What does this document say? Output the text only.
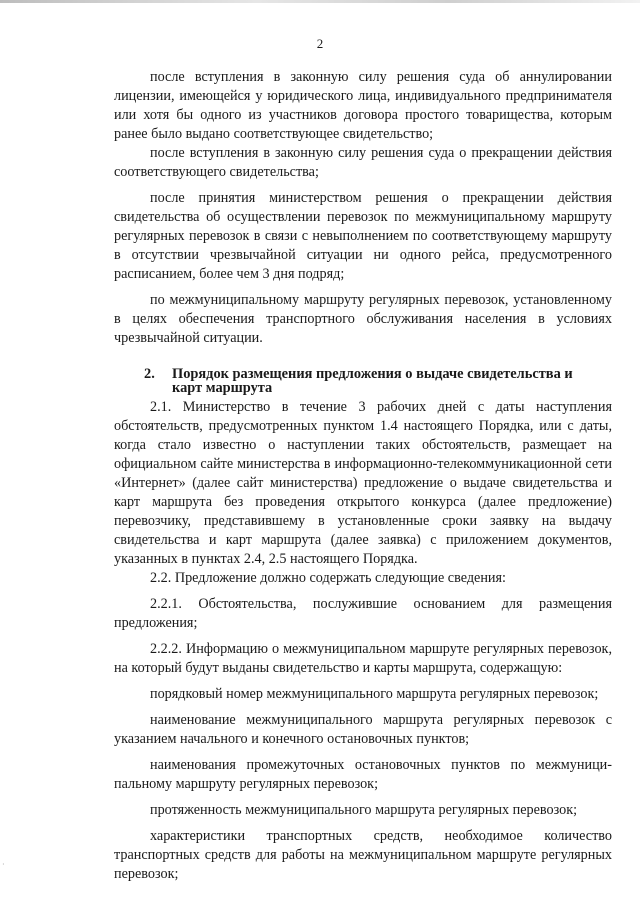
2

после вступления в законную силу решения суда об аннулировании лицензии, имеющейся у юридического лица, индивидуального предпринимателя или хотя бы одного из участников договора простого товарищества, которым ранее было выдано соответствующее свидетельство;

после вступления в законную силу решения суда о прекращении действия соответствующего свидетельства;

после принятия министерством решения о прекращении действия свидетельства об осуществлении перевозок по межмуниципальному маршруту регулярных перевозок в связи с невыполнением по соответствующему маршруту в отсутствии чрезвычайной ситуации ни одного рейса, предусмотренного расписанием, более чем 3 дня подряд;

по межмуниципальному маршруту регулярных перевозок, установленному в целях обеспечения транспортного обслуживания населения в условиях чрезвычайной ситуации.

2. Порядок размещения предложения о выдаче свидетельства и карт маршрута

2.1. Министерство в течение 3 рабочих дней с даты наступления обстоятельств, предусмотренных пунктом 1.4 настоящего Порядка, или с даты, когда стало известно о наступлении таких обстоятельств, размещает на официальном сайте министерства в информационно-телекоммуникационной сети «Интернет» (далее сайт министерства) предложение о выдаче свидетельства и карт маршрута без проведения открытого конкурса (далее предложение) перевозчику, представившему в установленные сроки заявку на выдачу свидетельства и карт маршрута (далее заявка) с приложением документов, указанных в пунктах 2.4, 2.5 настоящего Порядка.

2.2. Предложение должно содержать следующие сведения:

2.2.1. Обстоятельства, послужившие основанием для размещения предложения;

2.2.2. Информацию о межмуниципальном маршруте регулярных перевозок, на который будут выданы свидетельство и карты маршрута, содержащую:

порядковый номер межмуниципального маршрута регулярных перевозок;

наименование межмуниципального маршрута регулярных перевозок с указанием начального и конечного остановочных пунктов;

наименования промежуточных остановочных пунктов по межмуниципальному маршруту регулярных перевозок;

протяженность межмуниципального маршрута регулярных перевозок;

характеристики транспортных средств, необходимое количество транспортных средств для работы на межмуниципальном маршруте регулярных перевозок;

·
